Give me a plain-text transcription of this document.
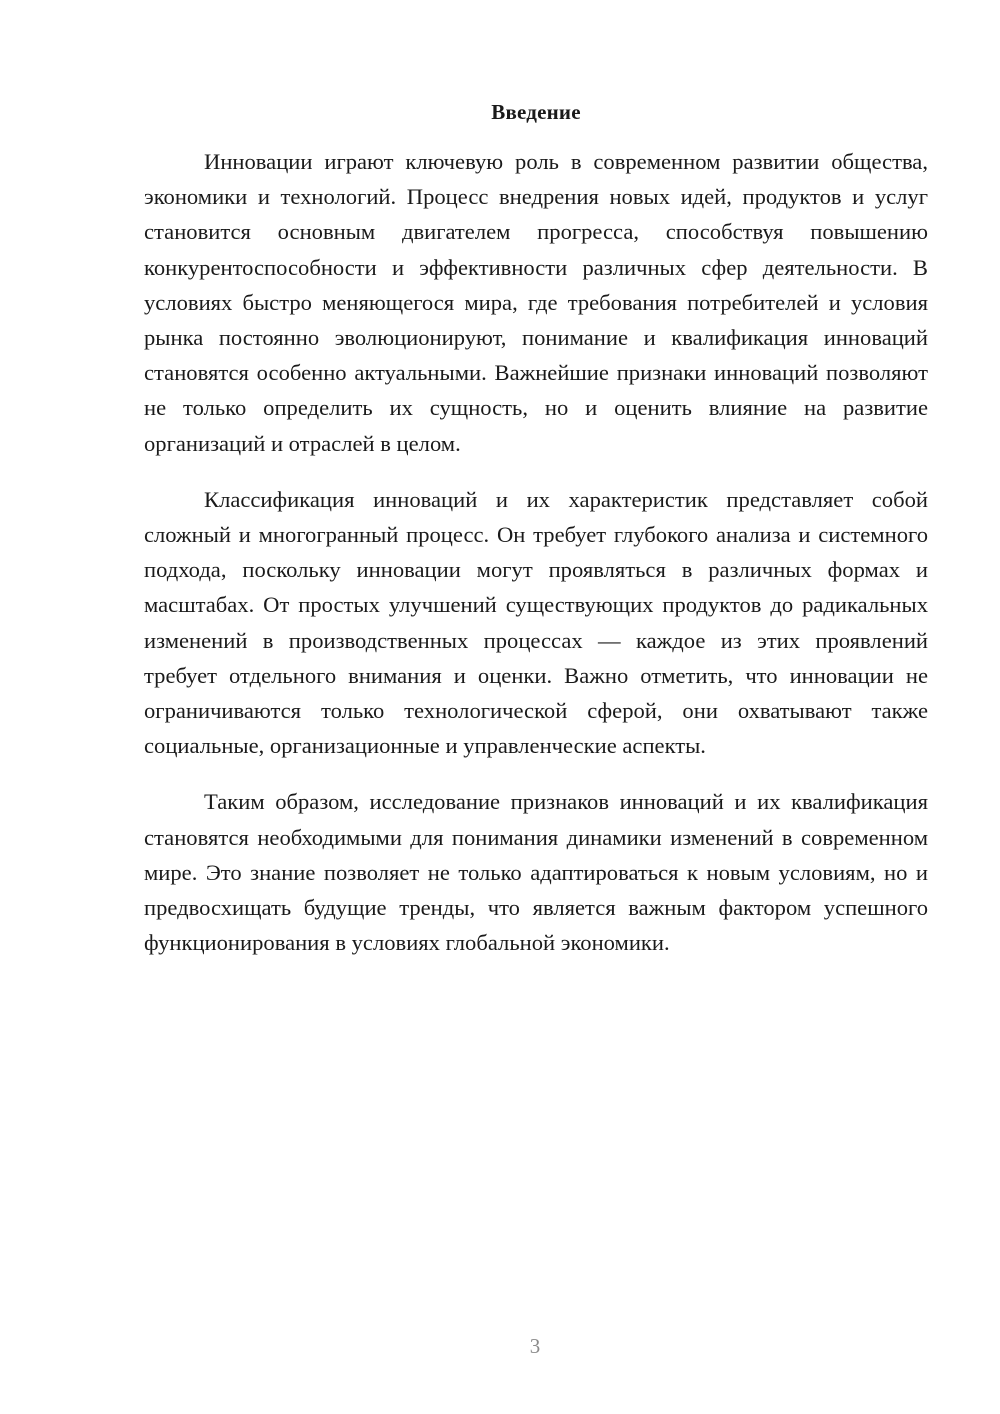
Введение

Инновации играют ключевую роль в современном развитии общества, экономики и технологий. Процесс внедрения новых идей, продуктов и услуг становится основным двигателем прогресса, способствуя повышению конкурентоспособности и эффективности различных сфер деятельности. В условиях быстро меняющегося мира, где требования потребителей и условия рынка постоянно эволюционируют, понимание и квалификация инноваций становятся особенно актуальными. Важнейшие признаки инноваций позволяют не только определить их сущность, но и оценить влияние на развитие организаций и отраслей в целом.

Классификация инноваций и их характеристик представляет собой сложный и многогранный процесс. Он требует глубокого анализа и системного подхода, поскольку инновации могут проявляться в различных формах и масштабах. От простых улучшений существующих продуктов до радикальных изменений в производственных процессах — каждое из этих проявлений требует отдельного внимания и оценки. Важно отметить, что инновации не ограничиваются только технологической сферой, они охватывают также социальные, организационные и управленческие аспекты.

Таким образом, исследование признаков инноваций и их квалификация становятся необходимыми для понимания динамики изменений в современном мире. Это знание позволяет не только адаптироваться к новым условиям, но и предвосхищать будущие тренды, что является важным фактором успешного функционирования в условиях глобальной экономики.

3
